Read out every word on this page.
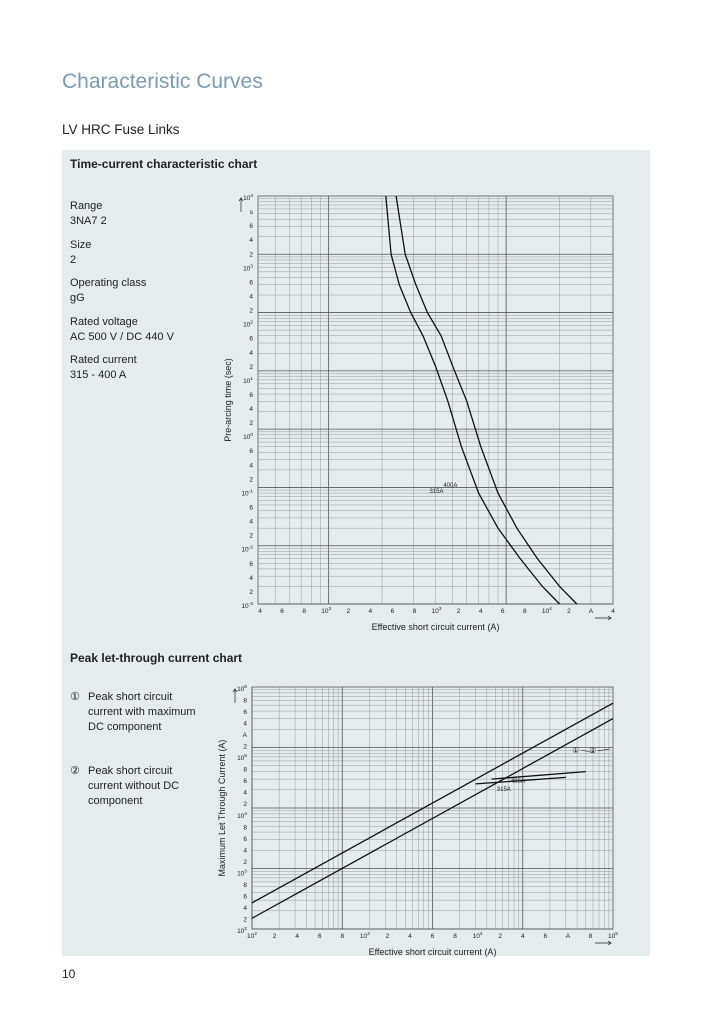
Characteristic Curves
LV HRC Fuse Links
Time-current characteristic chart
Range
3NA7 2
Size
2
Operating class
gG
Rated voltage
AC 500 V / DC 440 V
Rated current
315 - 400 A
Peak let-through current chart
① Peak short circuit current with maximum DC component
② Peak short circuit current without DC component
4	6	8 $10^3$ 2	4	6	8 $10^3$ 2	4	6	8 $10^4$ 2	A	4
$10^4$
s
6
4
2
$10^3$
6
4
2
$10^2$
6
4
2
$10^1$
6
4
2
$10^0$
6
4
2
$10^{-1}$
6
4
2
$10^{-2}$
6
4
2
$10^{-3}$
Effective short circuit current (A)
Pre-arcing time (sec)
315A
400A
$10^2$ 2	4	6	8 $10^3$ 2	4	6	8 $10^4$ 2	4	6	A	8 $10^5$
$10^6$
8
6
4
A
2
$10^5$
8
6
4
2
$10^4$
8
6
4
2
$10^3$
8
6
4
2
$10^2$
Effective short circuit current (A)
Maximum Let Through Current (A)	400A
315A
① ②
10
